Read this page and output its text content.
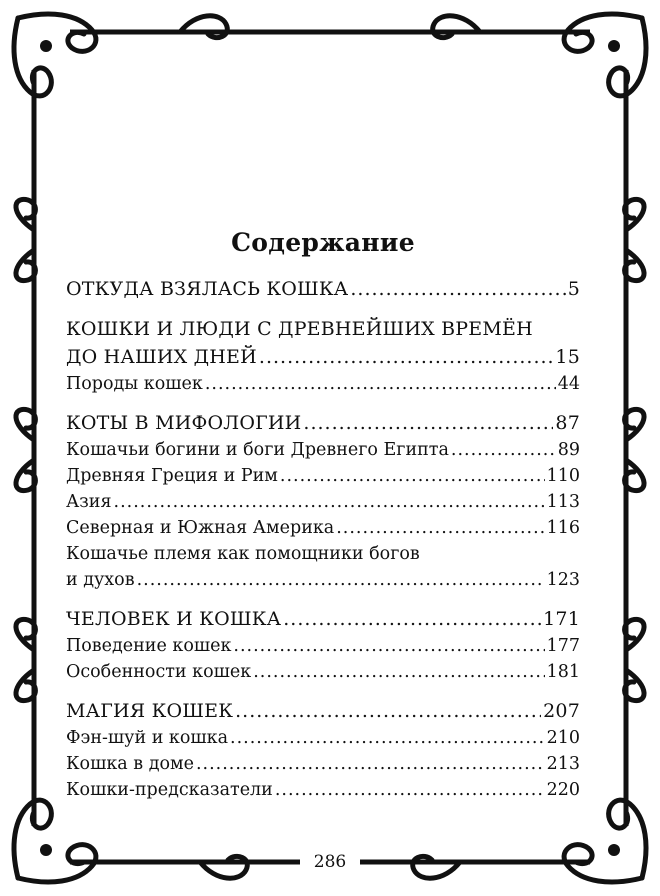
Содержание
ОТКУДА ВЗЯЛАСЬ КОШКА .....	5
КОШКИ И ЛЮДИ С ДРЕВНЕЙШИХ ВРЕМЁН
ДО НАШИХ ДНЕЙ .....	15
Породы кошек .....	44
КОТЫ В МИФОЛОГИИ .....	87
Кошачьи богини и боги Древнего Египта .....	89
Древняя Греция и Рим .....	110
Азия .....	113
Северная и Южная Америка .....	116
Кошачье племя как помощники богов
и духов .....	123
ЧЕЛОВЕК И КОШКА .....	171
Поведение кошек .....	177
Особенности кошек .....	181
МАГИЯ КОШЕК .....	207
Фэн-шуй и кошка .....	210
Кошка в доме .....	213
Кошки-предсказатели .....	220
286
